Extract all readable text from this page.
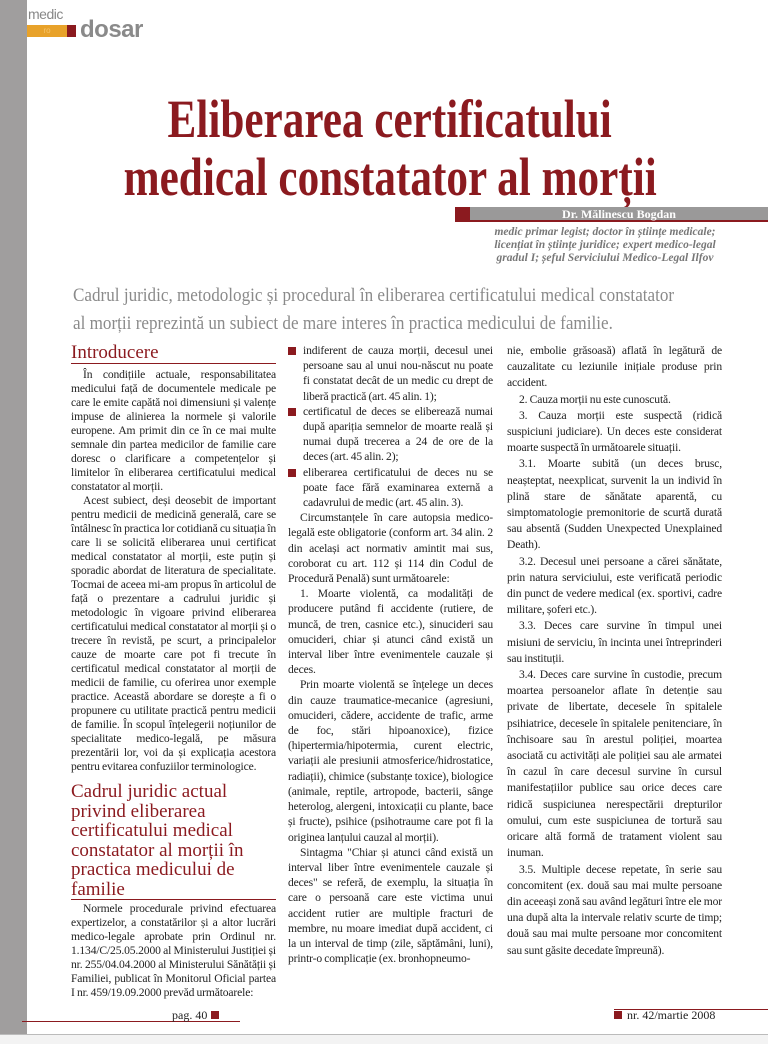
medic
ro	dosar
Eliberarea certificatului
medical constatator al morții
Dr. Mălinescu Bogdan
medic primar legist; doctor în științe medicale;
licențiat în științe juridice; expert medico-legal
gradul I; șeful Serviciului Medico-Legal Ilfov
Cadrul juridic, metodologic și procedural în eliberarea certificatului medical constatator
al morții reprezintă un subiect de mare interes în practica medicului de familie.
Introducere

În condițiile actuale, responsabilitatea medicului față de documentele medicale pe care le emite capătă noi dimensiuni și valențe impuse de alinierea la normele și valorile europene. Am primit din ce în ce mai multe semnale din partea medicilor de familie care doresc o clarificare a competențelor și limitelor în eliberarea certificatului medical constatator al morții.

Acest subiect, deși deosebit de important pentru medicii de medicină generală, care se întâlnesc în practica lor cotidiană cu situația în care li se solicită eliberarea unui certificat medical constatator al morții, este puțin și sporadic abordat de literatura de specialitate. Tocmai de aceea mi-am propus în articolul de față o prezentare a cadrului juridic și metodologic în vigoare privind eliberarea certificatului medical constatator al morții și o trecere în revistă, pe scurt, a principalelor cauze de moarte care pot fi trecute în certificatul medical constatator al morții de medicii de familie, cu oferirea unor exemple practice. Această abordare se dorește a fi o propunere cu utilitate practică pentru medicii de familie. În scopul înțelegerii noțiunilor de specialitate medico-legală, pe măsura prezentării lor, voi da și explicația acestora pentru evitarea confuziilor terminologice.

Cadrul juridic actual privind eliberarea certificatului medical constatator al morții în practica medicului de familie

Normele procedurale privind efectuarea expertizelor, a constatărilor și a altor lucrări medico-legale aprobate prin Ordinul nr. 1.134/C/25.05.2000 al Ministerului Justiției și nr. 255/04.04.2000 al Ministerului Sănătății și Familiei, publicat în Monitorul Oficial partea I nr. 459/19.09.2000 prevăd următoarele:

indiferent de cauza morții, decesul unei persoane sau al unui nou-născut nu poate fi constatat decât de un medic cu drept de liberă practică (art. 45 alin. 1);
certificatul de deces se eliberează numai după apariția semnelor de moarte reală și numai după trecerea a 24 de ore de la deces (art. 45 alin. 2);
eliberarea certificatului de deces nu se poate face fără examinarea externă a cadavrului de medic (art. 45 alin. 3).

Circumstanțele în care autopsia medico-legală este obligatorie (conform art. 34 alin. 2 din același act normativ amintit mai sus, coroborat cu art. 112 și 114 din Codul de Procedură Penală) sunt următoarele:

1. Moarte violentă, ca modalități de producere putând fi accidente (rutiere, de muncă, de tren, casnice etc.), sinucideri sau omucideri, chiar și atunci când există un interval liber între evenimentele cauzale și deces.

Prin moarte violentă se înțelege un deces din cauze traumatice-mecanice (agresiuni, omucideri, cădere, accidente de trafic, arme de foc, stări hipoanoxice), fizice (hipertermia/hipotermia, curent electric, variații ale presiunii atmosferice/hidrostatice, radiații), chimice (substanțe toxice), biologice (animale, reptile, artropode, bacterii, sânge heterolog, alergeni, intoxicații cu plante, bace și fructe), psihice (psihotraume care pot fi la originea lanțului cauzal al morții).

Sintagma "Chiar și atunci când există un interval liber între evenimentele cauzale și deces" se referă, de exemplu, la situația în care o persoană care este victima unui accident rutier are multiple fracturi de membre, nu moare imediat după accident, ci la un interval de timp (zile, săptămâni, luni), printr-o complicație (ex. bronhopneumo-

nie, embolie grăsoasă) aflată în legătură de cauzalitate cu leziunile inițiale produse prin accident.

2. Cauza morții nu este cunoscută.

3. Cauza morții este suspectă (ridică suspiciuni judiciare). Un deces este considerat moarte suspectă în următoarele situații.

3.1. Moarte subită (un deces brusc, neașteptat, neexplicat, survenit la un individ în plină stare de sănătate aparentă, cu simptomatologie premonitorie de scurtă durată sau absentă (Sudden Unexpected Unexplained Death).

3.2. Decesul unei persoane a cărei sănătate, prin natura serviciului, este verificată periodic din punct de vedere medical (ex. sportivi, cadre militare, șoferi etc.).

3.3. Deces care survine în timpul unei misiuni de serviciu, în incinta unei întreprinderi sau instituții.

3.4. Deces care survine în custodie, precum moartea persoanelor aflate în detenție sau private de libertate, decesele în spitalele psihiatrice, decesele în spitalele penitenciare, în închisoare sau în arestul poliției, moartea asociată cu activități ale poliției sau ale armatei în cazul în care decesul survine în cursul manifestațiilor publice sau orice deces care ridică suspiciunea nerespectării drepturilor omului, cum este suspiciunea de tortură sau oricare altă formă de tratament violent sau inuman.

3.5. Multiple decese repetate, în serie sau concomitent (ex. două sau mai multe persoane din aceeași zonă sau având legături între ele mor una după alta la intervale relativ scurte de timp; două sau mai multe persoane mor concomitent sau sunt găsite decedate împreună).

pag. 40	nr. 42/martie 2008
